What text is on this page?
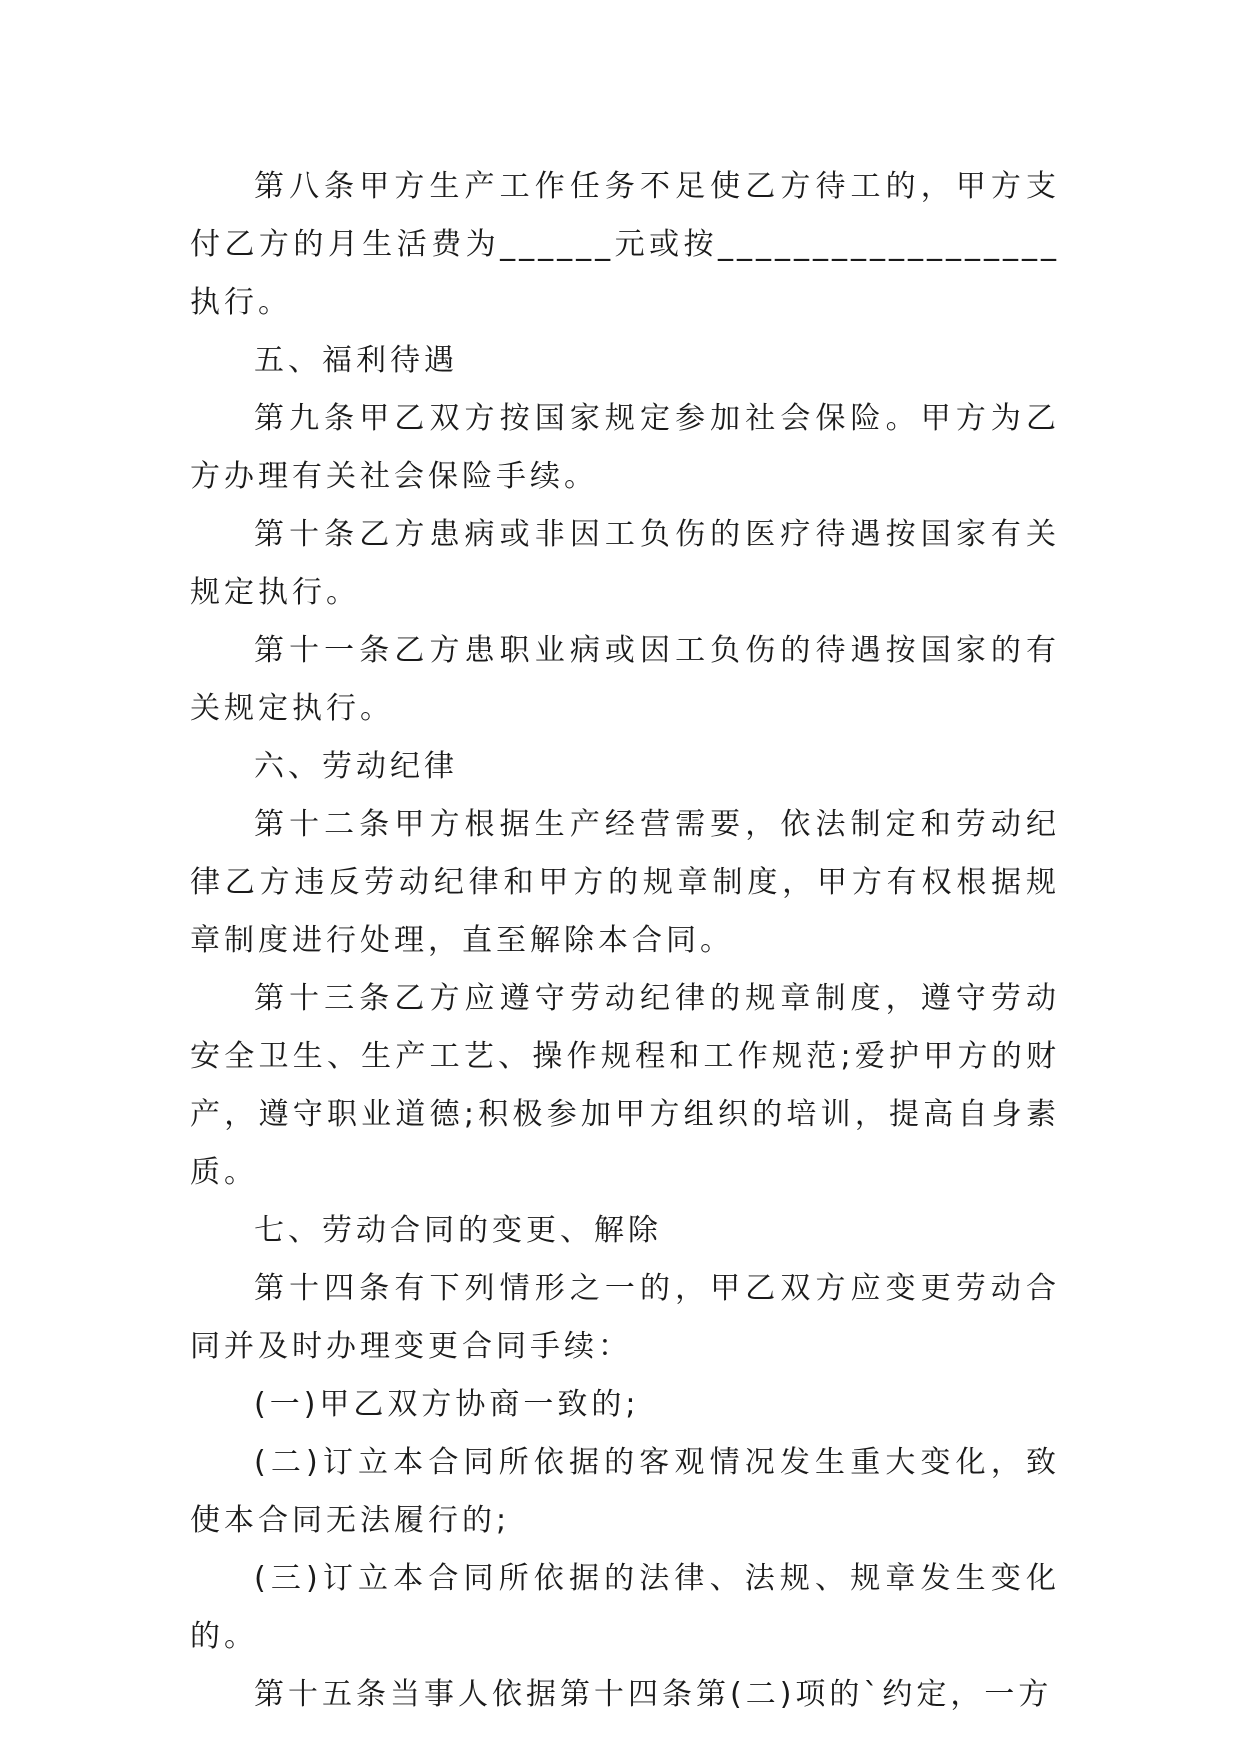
第八条甲方生产工作任务不足使乙方待工的，甲方支付乙方的月生活费为______元或按__________________执行。

五、福利待遇

第九条甲乙双方按国家规定参加社会保险。甲方为乙方办理有关社会保险手续。

第十条乙方患病或非因工负伤的医疗待遇按国家有关规定执行。

第十一条乙方患职业病或因工负伤的待遇按国家的有关规定执行。

六、劳动纪律

第十二条甲方根据生产经营需要，依法制定和劳动纪律乙方违反劳动纪律和甲方的规章制度，甲方有权根据规章制度进行处理，直至解除本合同。

第十三条乙方应遵守劳动纪律的规章制度，遵守劳动安全卫生、生产工艺、操作规程和工作规范;爱护甲方的财产，遵守职业道德;积极参加甲方组织的培训，提高自身素质。

七、劳动合同的变更、解除

第十四条有下列情形之一的，甲乙双方应变更劳动合同并及时办理变更合同手续：

(一)甲乙双方协商一致的;

(二)订立本合同所依据的客观情况发生重大变化，致使本合同无法履行的;

(三)订立本合同所依据的法律、法规、规章发生变化的。

第十五条当事人依据第十四条第(二)项的`约定，一方
